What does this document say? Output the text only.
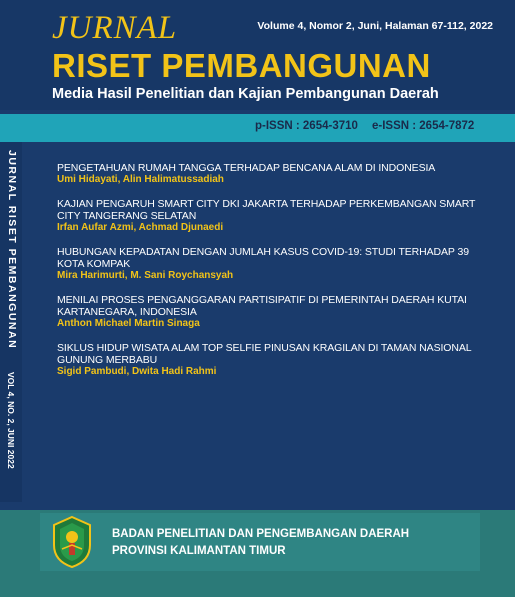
JURNAL
RISET PEMBANGUNAN
Media Hasil Penelitian dan Kajian Pembangunan Daerah
Volume 4, Nomor 2, Juni, Halaman 67-112, 2022
p-ISSN : 2654-3710 e-ISSN : 2654-7872
JURNAL RISET PEMBANGUNAN
VOL 4, NO. 2, JUNI 2022
PENGETAHUAN RUMAH TANGGA TERHADAP BENCANA ALAM DI INDONESIA
Umi Hidayati, Alin Halimatussadiah
KAJIAN PENGARUH SMART CITY DKI JAKARTA TERHADAP PERKEMBANGAN SMART CITY TANGERANG SELATAN
Irfan Aufar Azmi, Achmad Djunaedi
HUBUNGAN KEPADATAN DENGAN JUMLAH KASUS COVID-19: STUDI TERHADAP 39 KOTA KOMPAK
Mira Harimurti, M. Sani Roychansyah
MENILAI PROSES PENGANGGARAN PARTISIPATIF DI PEMERINTAH DAERAH KUTAI KARTANEGARA, INDONESIA
Anthon Michael Martin Sinaga
SIKLUS HIDUP WISATA ALAM TOP SELFIE PINUSAN KRAGILAN DI TAMAN NASIONAL GUNUNG MERBABU
Sigid Pambudi, Dwita Hadi Rahmi
BADAN PENELITIAN DAN PENGEMBANGAN DAERAH
PROVINSI KALIMANTAN TIMUR
